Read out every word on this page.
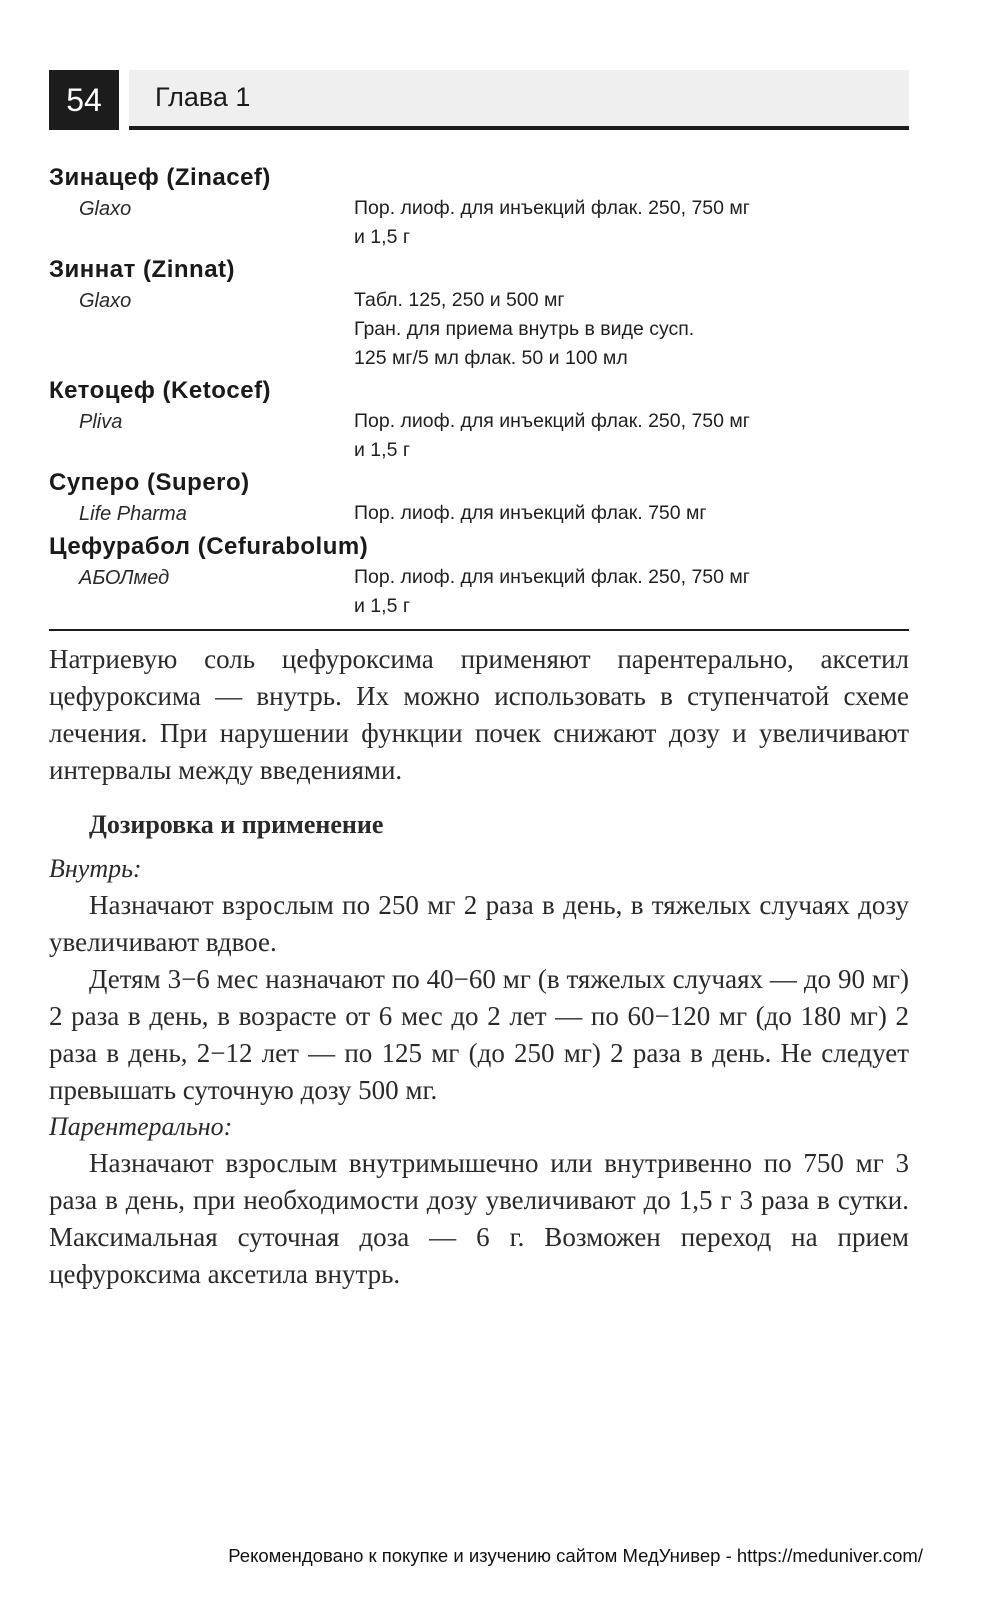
54	Глава 1
Зинацеф (Zinacef)
Glaxo	Пор. лиоф. для инъекций флак. 250, 750 мг
и 1,5 г
Зиннат (Zinnat)
Glaxo	Табл. 125, 250 и 500 мг
Гран. для приема внутрь в виде сусп.
125 мг/5 мл флак. 50 и 100 мл
Кетоцеф (Ketocef)
Pliva	Пор. лиоф. для инъекций флак. 250, 750 мг
и 1,5 г
Суперо (Supero)
Life Pharma	Пор. лиоф. для инъекций флак. 750 мг
Цефурабол (Cefurabolum)
АБОЛмед	Пор. лиоф. для инъекций флак. 250, 750 мг
и 1,5 г

Натриевую соль цефуроксима применяют парентерально, аксетил цефуроксима — внутрь. Их можно использовать в ступенчатой схеме лечения. При нарушении функции почек снижают дозу и увеличивают интервалы между введениями.

Дозировка и применение
Внутрь:

Назначают взрослым по 250 мг 2 раза в день, в тяжелых случаях дозу увеличивают вдвое.

Детям 3−6 мес назначают по 40−60 мг (в тяжелых случаях — до 90 мг) 2 раза в день, в возрасте от 6 мес до 2 лет — по 60−120 мг (до 180 мг) 2 раза в день, 2−12 лет — по 125 мг (до 250 мг) 2 раза в день. Не следует превышать суточную дозу 500 мг.

Парентерально:

Назначают взрослым внутримышечно или внутривенно по 750 мг 3 раза в день, при необходимости дозу увеличивают до 1,5 г 3 раза в сутки. Максимальная суточная доза — 6 г. Возможен переход на прием цефуроксима аксетила внутрь.

Рекомендовано к покупке и изучению сайтом МедУнивер - https://meduniver.com/
